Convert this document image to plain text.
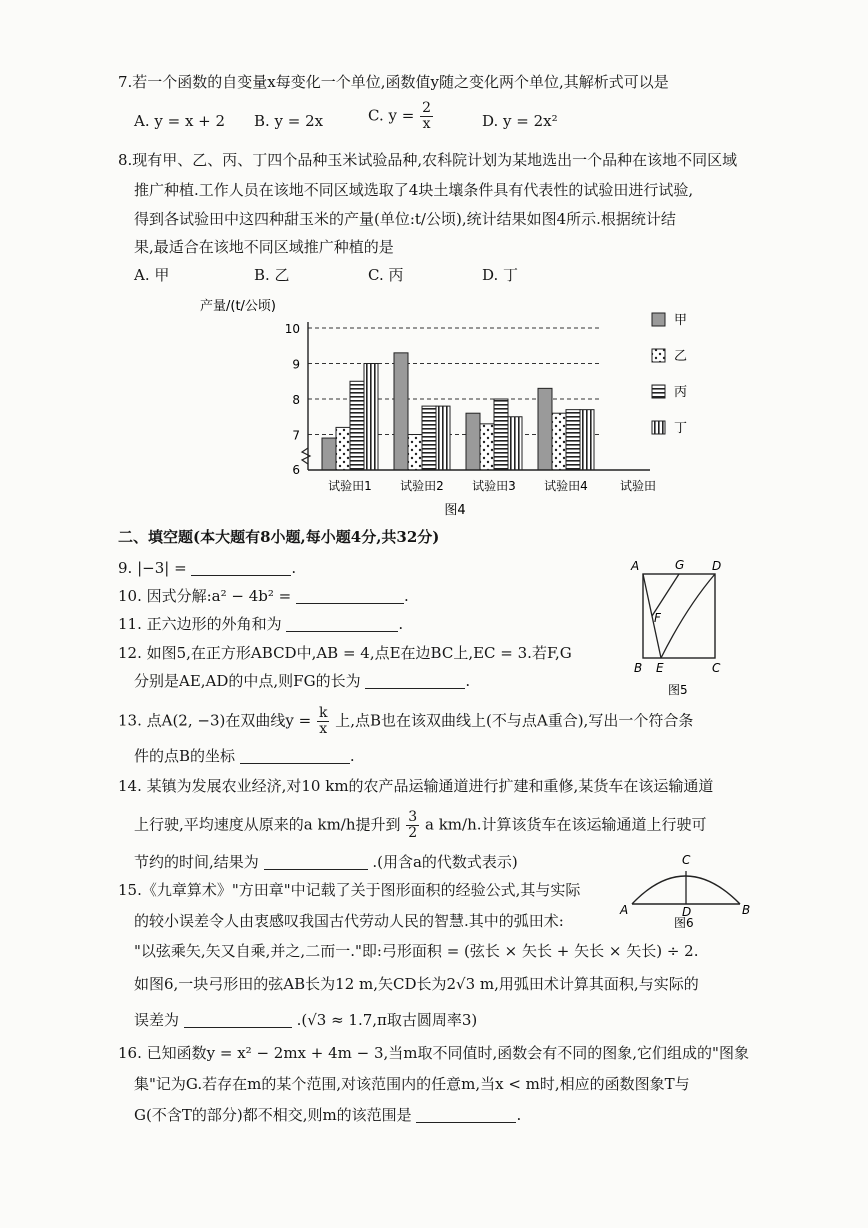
7.若一个函数的自变量x每变化一个单位,函数值y随之变化两个单位,其解析式可以是
A. y = x + 2 B. y = 2x	C. $y = \frac{2}{x}$	D. y = 2x²
8.现有甲、乙、丙、丁四个品种玉米试验品种,农科院计划为某地选出一个品种在该地不同区域
推广种植.工作人员在该地不同区域选取了4块土壤条件具有代表性的试验田进行试验,
得到各试验田中这四种甜玉米的产量(单位:t/公顷),统计结果如图4所示.根据统计结
果,最适合在该地不同区域推广种植的是
A. 甲	B. 乙	C. 丙	D. 丁
产量/(t/公顷)
10
9
8
7
6
试验田1 试验田2 试验田3 试验田4	试验田
图4
甲
乙
丙
丁
二、填空题(本大题有8小题,每小题4分,共32分)
9. |−3| =	.
10. 因式分解:a² − 4b² =	.
11. 正六边形的外角和为	.
12. 如图5,在正方形ABCD中,AB = 4,点E在边BC上,EC = 3.若F,G
分别是AE,AD的中点,则FG的长为	.
A	G D
F
B E	C
图5
13. 点A(2, −3)在双曲线$y = \frac{k}{x}$ 上,点B也在该双曲线上(不与点A重合),写出一个符合条
件的点B的坐标	.
14. 某镇为发展农业经济,对10 km的农产品运输通道进行扩建和重修,某货车在该运输通道
上行驶,平均速度从原来的a km/h提升到 $\frac{3}{2}$ a km/h.计算该货车在该运输通道上行驶可
节约的时间,结果为	.(用含a的代数式表示)
15.《九章算术》"方田章"中记载了关于图形面积的经验公式,其与实际
的较小误差令人由衷感叹我国古代劳动人民的智慧.其中的弧田术:
"以弦乘矢,矢又自乘,并之,二而一."即:弓形面积 = (弦长 × 矢长 + 矢长 × 矢长) ÷ 2.
如图6,一块弓形田的弦AB长为12 m,矢CD长为2√3 m,用弧田术计算其面积,与实际的
误差为	.(√3 ≈ 1.7,π取古圆周率3)
A	B
C
D
图6
16. 已知函数y = x² − 2mx + 4m − 3,当m取不同值时,函数会有不同的图象,它们组成的"图象
集"记为G.若存在m的某个范围,对该范围内的任意m,当x < m时,相应的函数图象T与
G(不含T的部分)都不相交,则m的该范围是	.
